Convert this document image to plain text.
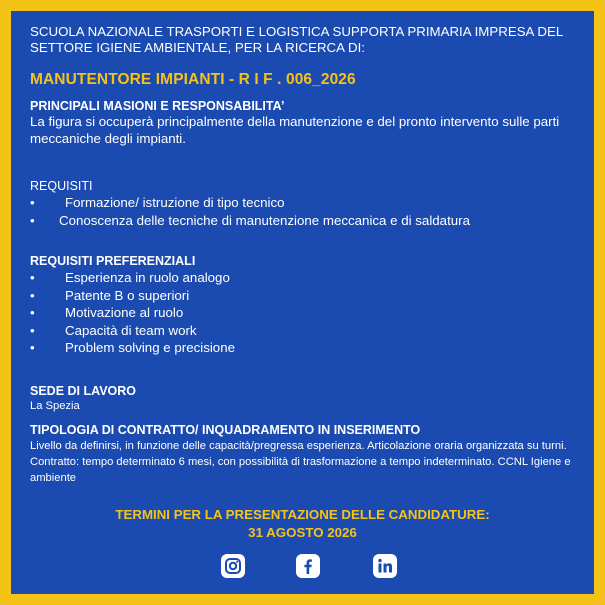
SCUOLA NAZIONALE TRASPORTI E LOGISTICA SUPPORTA PRIMARIA IMPRESA DEL
SETTORE IGIENE AMBIENTALE, PER LA RICERCA DI:
MANUTENTORE IMPIANTI - R I F . 006_2026
PRINCIPALI MASIONI E RESPONSABILITA’
La figura si occuperà principalmente della manutenzione e del pronto intervento sulle parti meccaniche degli impianti.
REQUISITI
• Formazione/ istruzione di tipo tecnico
• Conoscenza delle tecniche di manutenzione meccanica e di saldatura
REQUISITI PREFERENZIALI
• Esperienza in ruolo analogo
• Patente B o superiori
• Motivazione al ruolo
• Capacità di team work
• Problem solving e precisione
SEDE DI LAVORO
La Spezia
TIPOLOGIA DI CONTRATTO/ INQUADRAMENTO IN INSERIMENTO
Livello da definirsi, in funzione delle capacità/pregressa esperienza. Articolazione oraria organizzata su turni. Contratto: tempo determinato 6 mesi, con possibilità di trasformazione a tempo indeterminato. CCNL Igiene e ambiente
TERMINI PER LA PRESENTAZIONE DELLE CANDIDATURE:
31 AGOSTO 2026
